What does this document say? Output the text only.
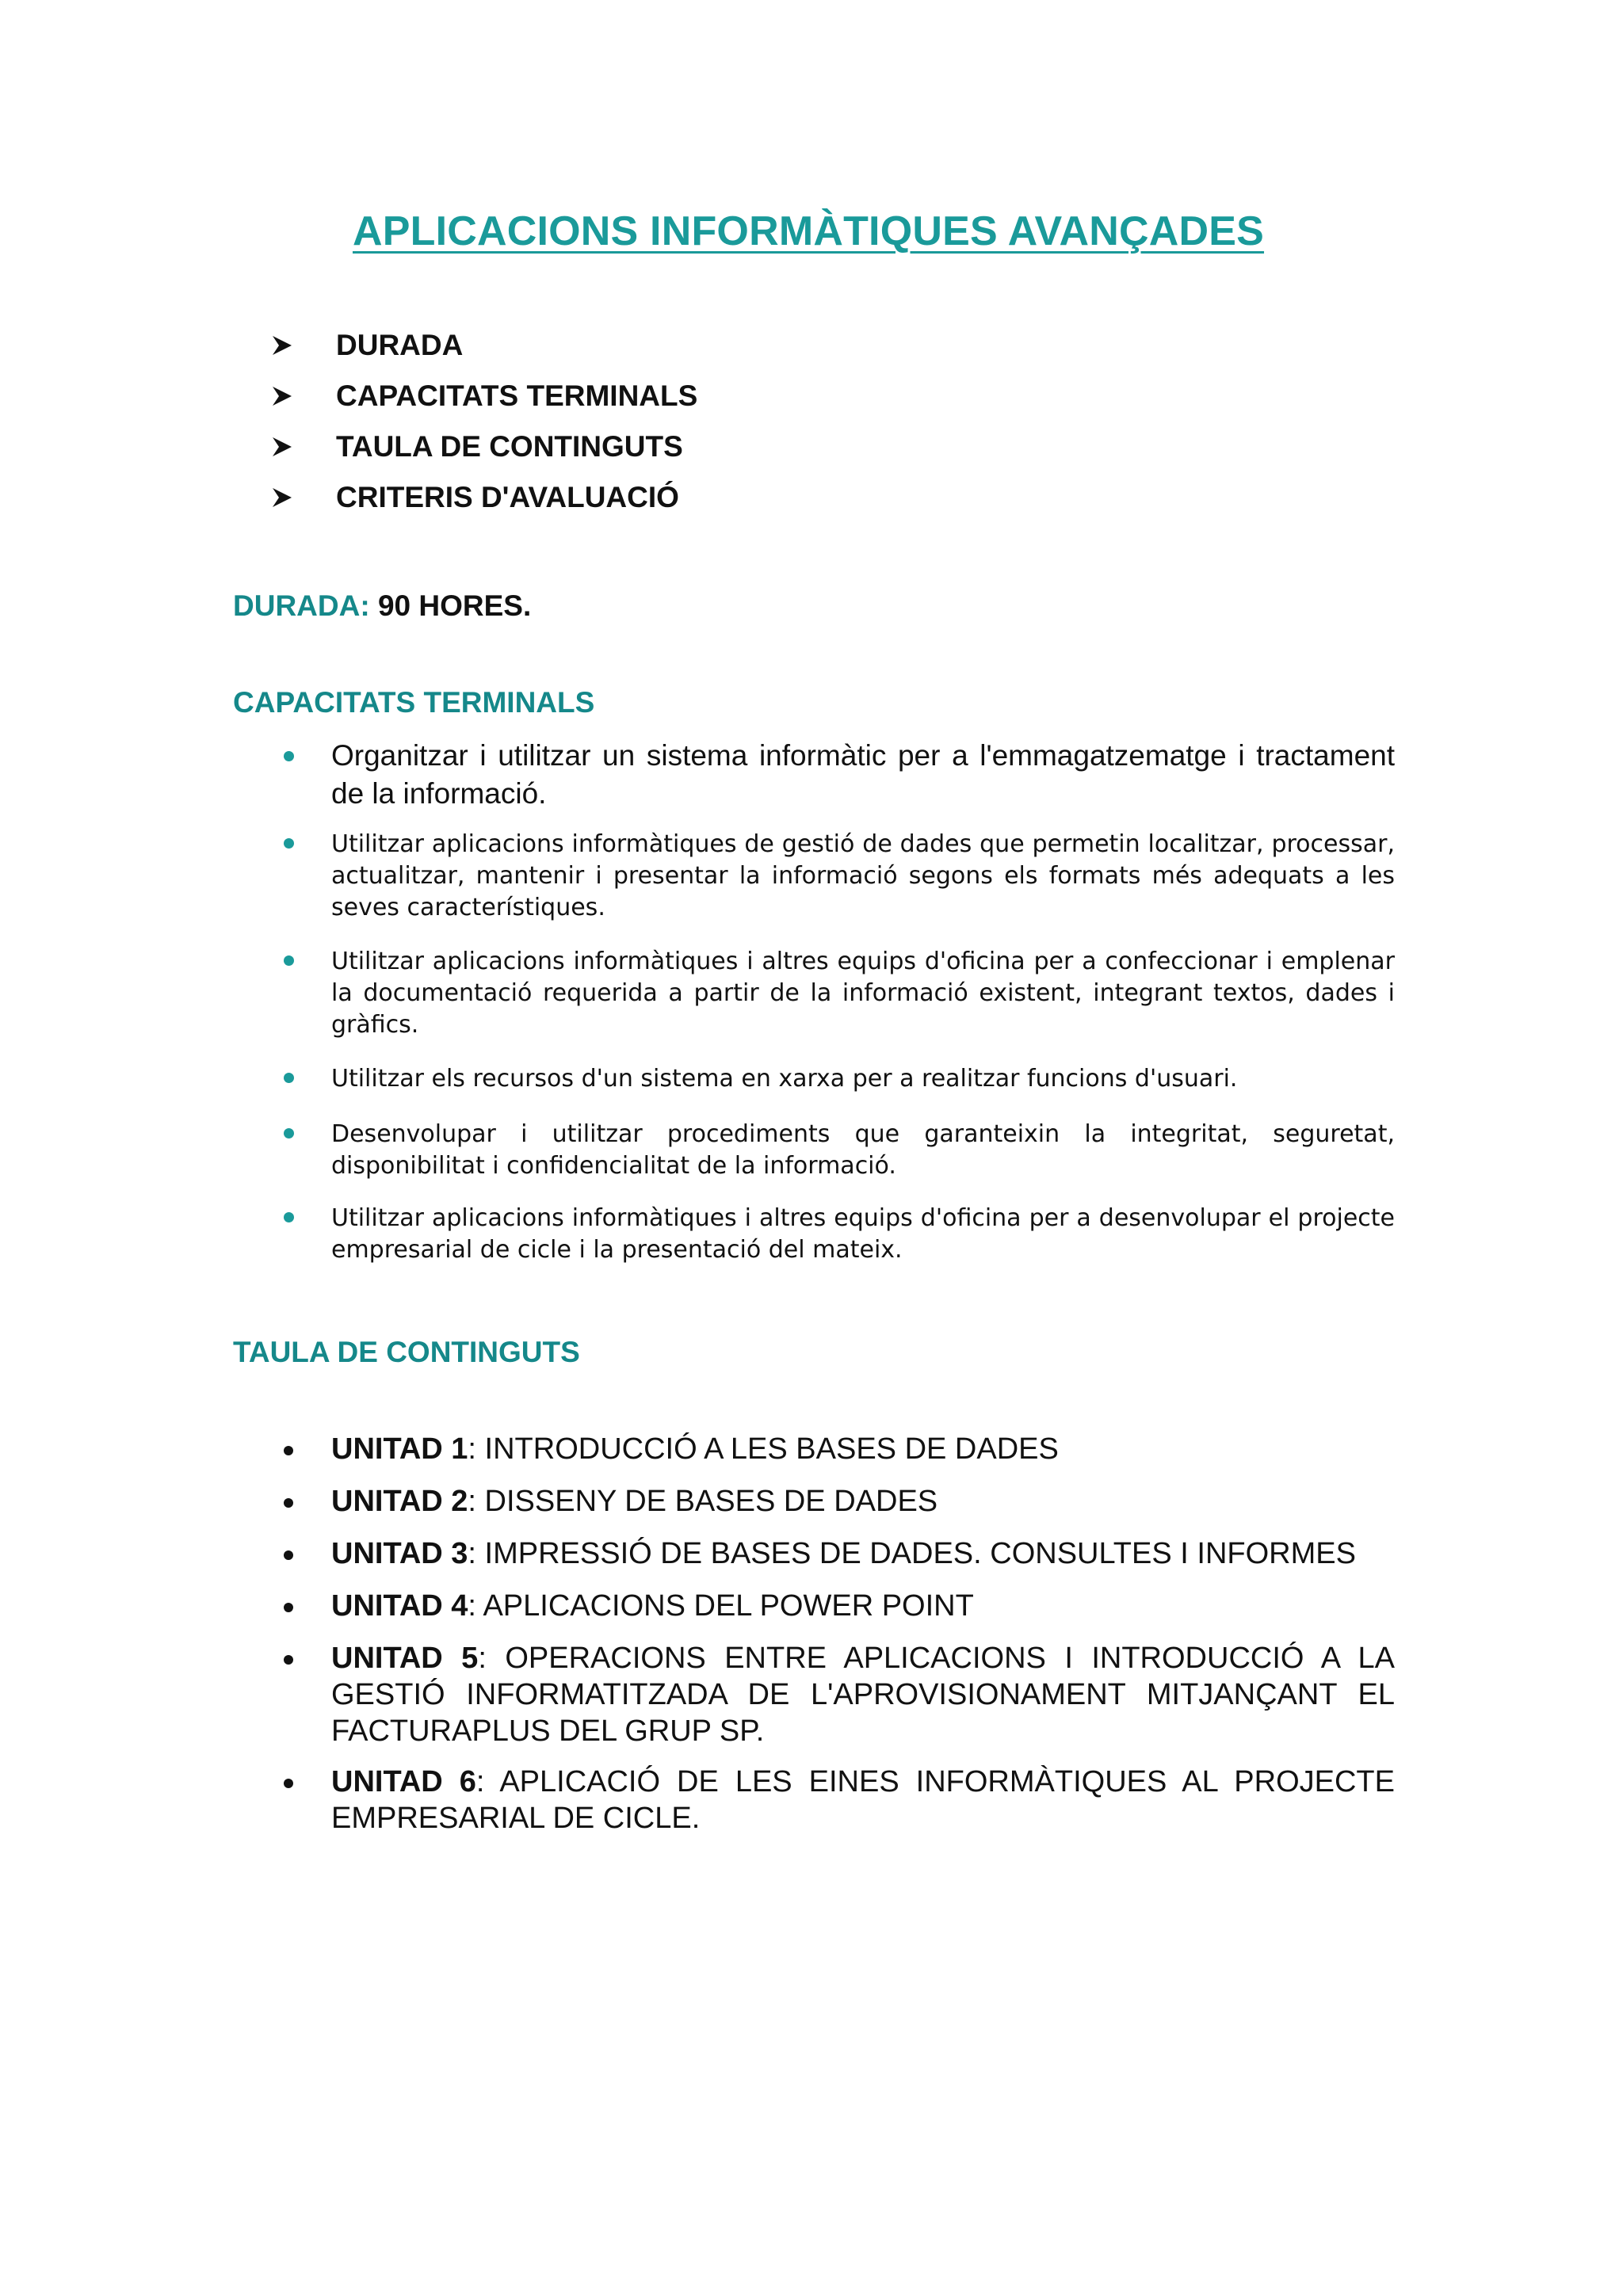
APLICACIONS INFORMÀTIQUES AVANÇADES
DURADA
CAPACITATS TERMINALS
TAULA DE CONTINGUTS
CRITERIS D'AVALUACIÓ

DURADA: 90 HORES.

CAPACITATS TERMINALS
Organitzar i utilitzar un sistema informàtic per a l'emmagatzematge i tractament de la informació.
Utilitzar aplicacions informàtiques de gestió de dades que permetin localitzar, processar, actualitzar, mantenir i presentar la informació segons els formats més adequats a les seves característiques.
Utilitzar aplicacions informàtiques i altres equips d'oficina per a confeccionar i emplenar la documentació requerida a partir de la informació existent, integrant textos, dades i gràfics.
Utilitzar els recursos d'un sistema en xarxa per a realitzar funcions d'usuari.
Desenvolupar i utilitzar procediments que garanteixin la integritat, seguretat, disponibilitat i confidencialitat de la informació.
Utilitzar aplicacions informàtiques i altres equips d'oficina per a desenvolupar el projecte empresarial de cicle i la presentació del mateix.
TAULA DE CONTINGUTS
UNITAD 1: INTRODUCCIÓ A LES BASES DE DADES
UNITAD 2: DISSENY DE BASES DE DADES
UNITAD 3: IMPRESSIÓ DE BASES DE DADES. CONSULTES I INFORMES
UNITAD 4: APLICACIONS DEL POWER POINT
UNITAD 5: OPERACIONS ENTRE APLICACIONS I INTRODUCCIÓ A LA GESTIÓ INFORMATITZADA DE L'APROVISIONAMENT MITJANÇANT EL FACTURAPLUS DEL GRUP SP.
UNITAD 6: APLICACIÓ DE LES EINES INFORMÀTIQUES AL PROJECTE EMPRESARIAL DE CICLE.
